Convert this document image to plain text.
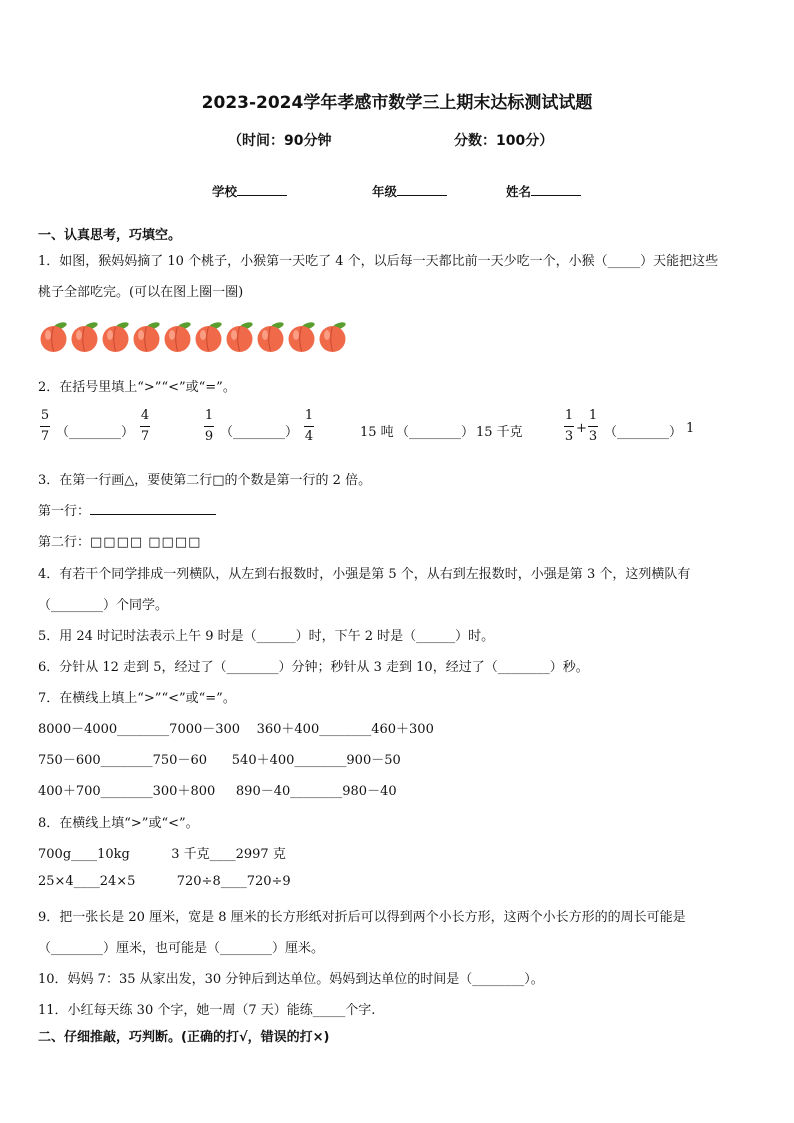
2023-2024学年孝感市数学三上期末达标测试试题
（时间：90分钟	分数：100分）
学校	年级	姓名
一、认真思考，巧填空。
1．如图，猴妈妈摘了 10 个桃子，小猴第一天吃了 4 个，以后每一天都比前一天少吃一个，小猴（_____）天能把这些
桃子全部吃完。(可以在图上圈一圈)
2．在括号里填上“>”“<”或“=”。
5
7 （________）
4
7
1
9 （________）
1
4	15 吨 （________） 15 千克
1
3
+
1
3 （________） 1
3．在第一行画△，要使第二行□的个数是第一行的 2 倍。
第一行：
第二行：□□□□ □□□□
4．有若干个同学排成一列横队，从左到右报数时，小强是第 5 个，从右到左报数时，小强是第 3 个，这列横队有
（________）个同学。
5．用 24 时记时法表示上午 9 时是（______）时，下午 2 时是（______）时。
6．分针从 12 走到 5，经过了（________）分钟；秒针从 3 走到 10，经过了（________）秒。
7．在横线上填上“>”“<”或“=”。
8000－4000________7000－300    360＋400________460＋300
750－600________750－60      540＋400________900－50
400＋700________300＋800     890－40________980－40
8．在横线上填“>”或“<”。
700g____10kg          3 千克____2997 克
25×4____24×5          720÷8____720÷9
9．把一张长是 20 厘米，宽是 8 厘米的长方形纸对折后可以得到两个小长方形，这两个小长方形的的周长可能是
（________）厘米，也可能是（________）厘米。
10．妈妈 7：35 从家出发，30 分钟后到达单位。妈妈到达单位的时间是（________）。
11．小红每天练 30 个字，她一周（7 天）能练_____个字.
二、仔细推敲，巧判断。(正确的打√，错误的打×)
